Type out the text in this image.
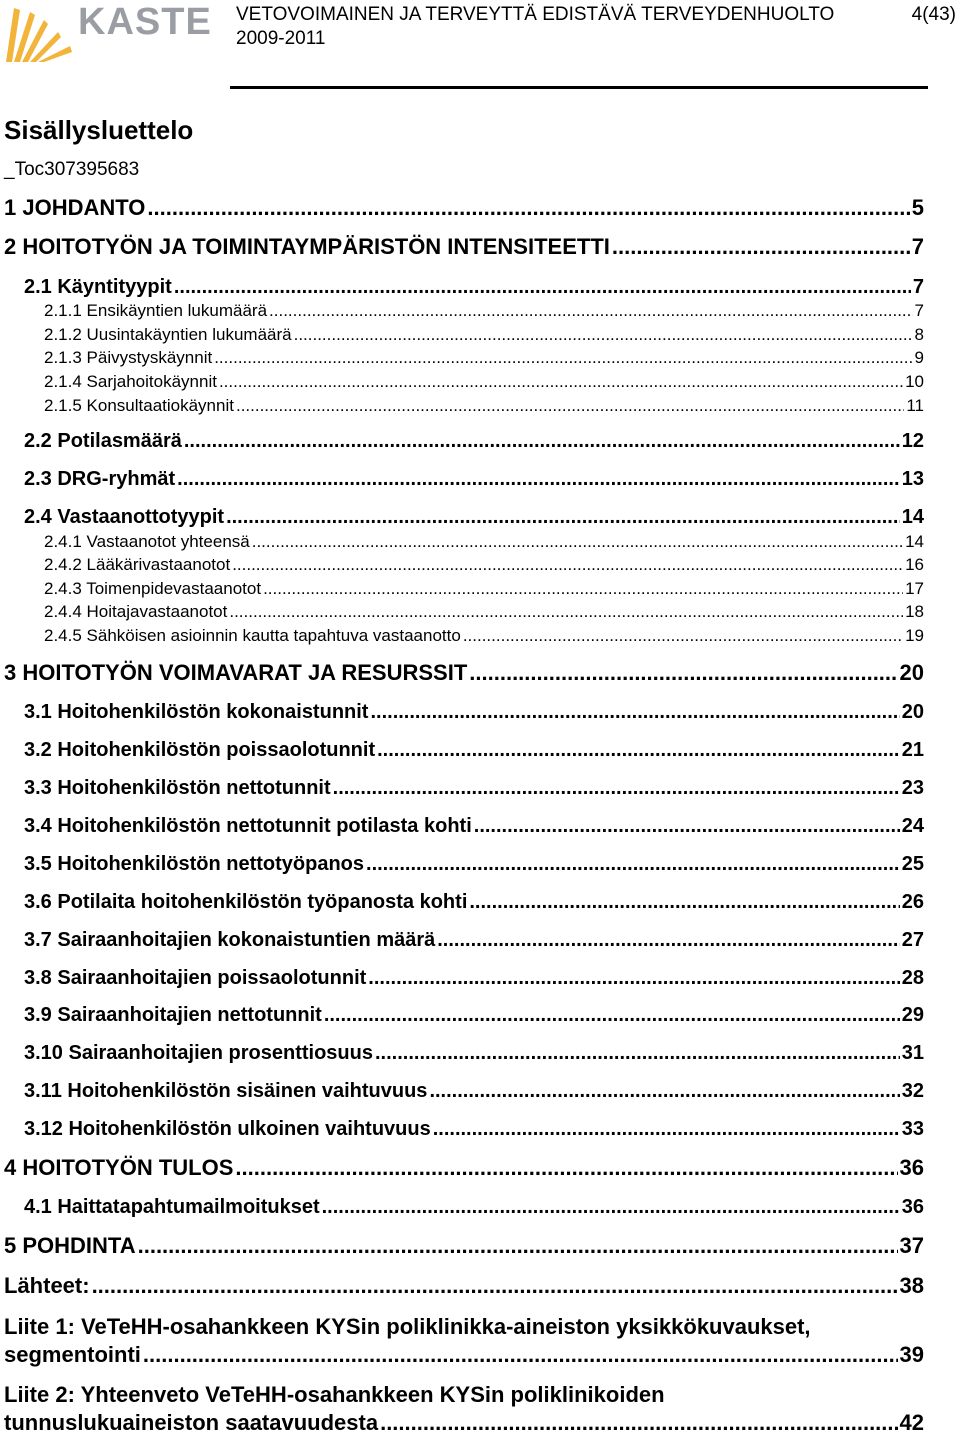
KASTE VETOVOIMAINEN JA TERVEYTTÄ EDISTÄVÄ TERVEYDENHUOLTO
2009-2011
4(43)
Sisällysluettelo
_Toc307395683
1 JOHDANTO .....	5
2 HOITOTYÖN JA TOIMINTAYMPÄRISTÖN INTENSITEETTI .....	7
2.1 Käyntityypit .....	7
2.1.1 Ensikäyntien lukumäärä .....	7
2.1.2 Uusintakäyntien lukumäärä .....	8
2.1.3 Päivystyskäynnit .....	9
2.1.4 Sarjahoitokäynnit .....	10
2.1.5 Konsultaatiokäynnit .....	11
2.2 Potilasmäärä .....	12
2.3 DRG-ryhmät .....	13
2.4 Vastaanottotyypit .....	14
2.4.1 Vastaanotot yhteensä .....	14
2.4.2 Lääkärivastaanotot .....	16
2.4.3 Toimenpidevastaanotot .....	17
2.4.4 Hoitajavastaanotot .....	18
2.4.5 Sähköisen asioinnin kautta tapahtuva vastaanotto .....	19
3 HOITOTYÖN VOIMAVARAT JA RESURSSIT .....	20
3.1 Hoitohenkilöstön kokonaistunnit .....	20
3.2 Hoitohenkilöstön poissaolotunnit .....	21
3.3 Hoitohenkilöstön nettotunnit .....	23
3.4 Hoitohenkilöstön nettotunnit potilasta kohti .....	24
3.5 Hoitohenkilöstön nettotyöpanos .....	25
3.6 Potilaita hoitohenkilöstön työpanosta kohti .....	26
3.7 Sairaanhoitajien kokonaistuntien määrä .....	27
3.8 Sairaanhoitajien poissaolotunnit .....	28
3.9 Sairaanhoitajien nettotunnit .....	29
3.10 Sairaanhoitajien prosenttiosuus .....	31
3.11 Hoitohenkilöstön sisäinen vaihtuvuus .....	32
3.12 Hoitohenkilöstön ulkoinen vaihtuvuus .....	33
4 HOITOTYÖN TULOS .....	36
4.1 Haittatapahtumailmoitukset .....	36
5 POHDINTA .....	37
Lähteet: .....	38
Liite 1: VeTeHH-osahankkeen KYSin poliklinikka-aineiston yksikkökuvaukset,
segmentointi .....	39
Liite 2: Yhteenveto VeTeHH-osahankkeen KYSin poliklinikoiden
tunnuslukuaineiston saatavuudesta .....	42
